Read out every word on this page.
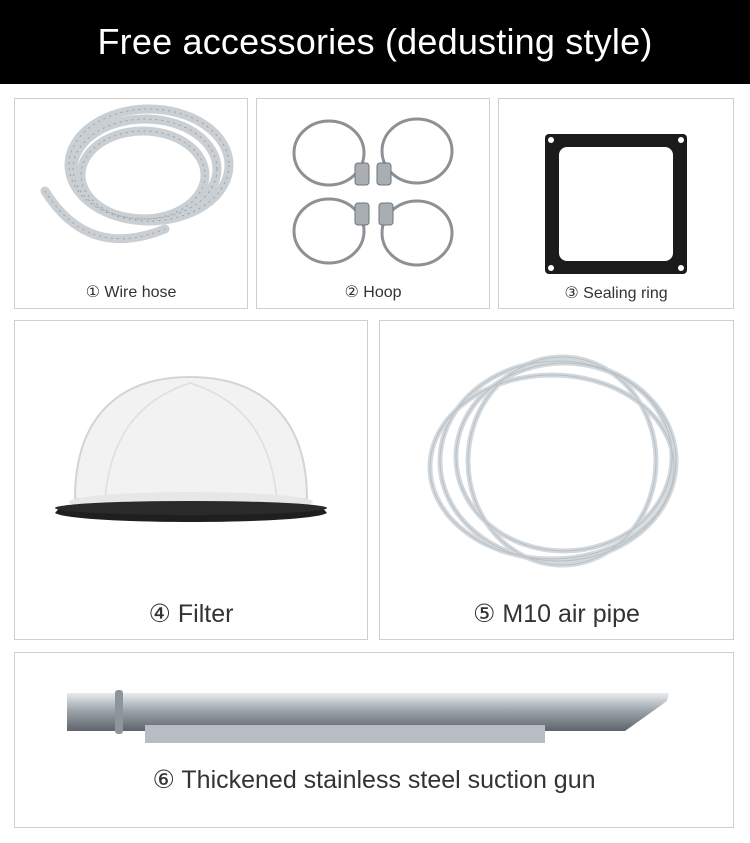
Free accessories (dedusting style)
① Wire hose	② Hoop	③ Sealing ring
④ Filter	⑤ M10 air pipe
⑥ Thickened stainless steel suction gun
